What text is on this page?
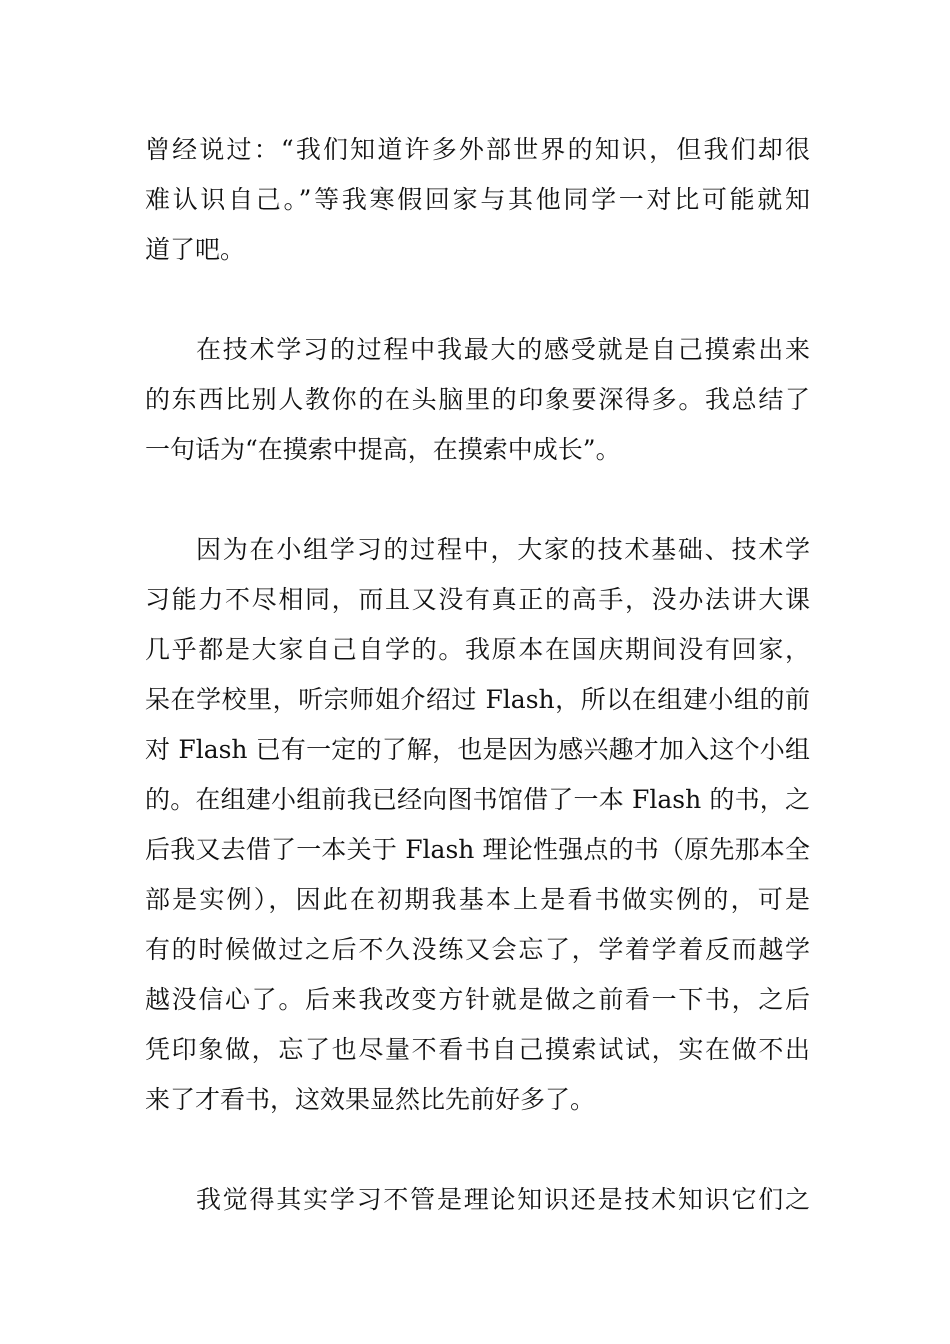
曾经说过：“我们知道许多外部世界的知识，但我们却很
难认识自己。”等我寒假回家与其他同学一对比可能就知
道了吧。
在技术学习的过程中我最大的感受就是自己摸索出来
的东西比别人教你的在头脑里的印象要深得多。我总结了
一句话为“在摸索中提高，在摸索中成长”。
因为在小组学习的过程中，大家的技术基础、技术学
习能力不尽相同，而且又没有真正的高手，没办法讲大课
几乎都是大家自己自学的。我原本在国庆期间没有回家，
呆在学校里，听宗师姐介绍过 Flash，所以在组建小组的前
对 Flash 已有一定的了解，也是因为感兴趣才加入这个小组
的。在组建小组前我已经向图书馆借了一本 Flash 的书，之
后我又去借了一本关于 Flash 理论性强点的书（原先那本全
部是实例），因此在初期我基本上是看书做实例的，可是
有的时候做过之后不久没练又会忘了，学着学着反而越学
越没信心了。后来我改变方针就是做之前看一下书，之后
凭印象做，忘了也尽量不看书自己摸索试试，实在做不出
来了才看书，这效果显然比先前好多了。
我觉得其实学习不管是理论知识还是技术知识它们之
